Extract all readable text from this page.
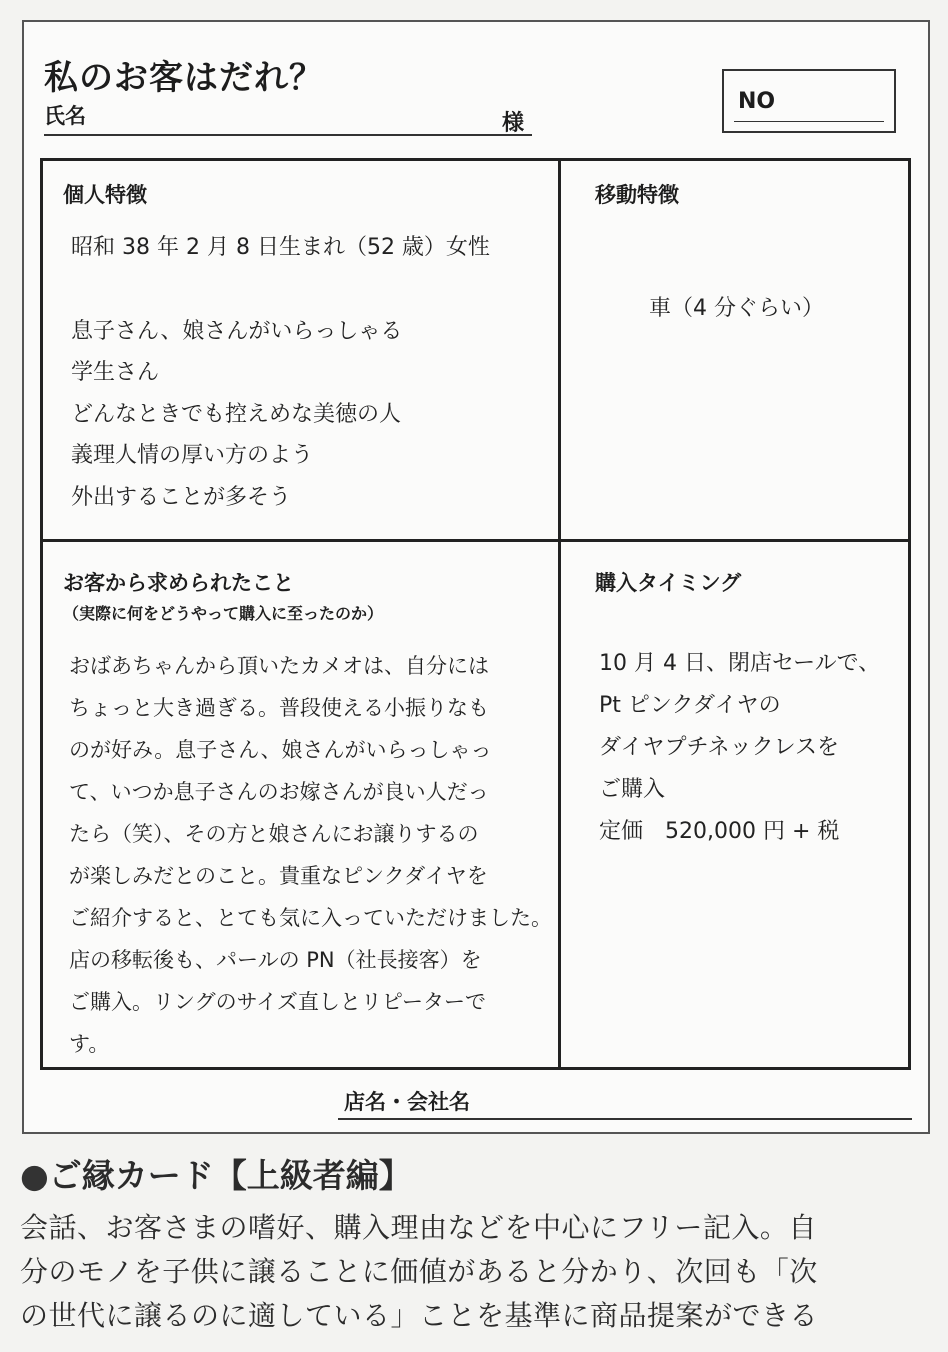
私のお客はだれ？
氏名	様
NO
個人特徴
昭和 38 年 2 月 8 日生まれ（52 歳）女性
息子さん、娘さんがいらっしゃる
学生さん
どんなときでも控えめな美徳の人
義理人情の厚い方のよう
外出することが多そう
移動特徴

車（4 分ぐらい）

お客から求められたこと

（実際に何をどうやって購入に至ったのか）

おばあちゃんから頂いたカメオは、自分には
ちょっと大き過ぎる。普段使える小振りなも
のが好み。息子さん、娘さんがいらっしゃっ
て、いつか息子さんのお嫁さんが良い人だっ
たら（笑）、その方と娘さんにお譲りするの
が楽しみだとのこと。貴重なピンクダイヤを
ご紹介すると、とても気に入っていただけました。
店の移転後も、パールの PN（社長接客）を
ご購入。リングのサイズ直しとリピーターで
す。
購入タイミング
10 月 4 日、閉店セールで、
Pt ピンクダイヤの
ダイヤプチネックレスを
ご購入
定価　520,000 円 + 税
店名・会社名
●ご縁カード【上級者編】
会話、お客さまの嗜好、購入理由などを中心にフリー記入。自
分のモノを子供に譲ることに価値があると分かり、次回も「次
の世代に譲るのに適している」ことを基準に商品提案ができる
